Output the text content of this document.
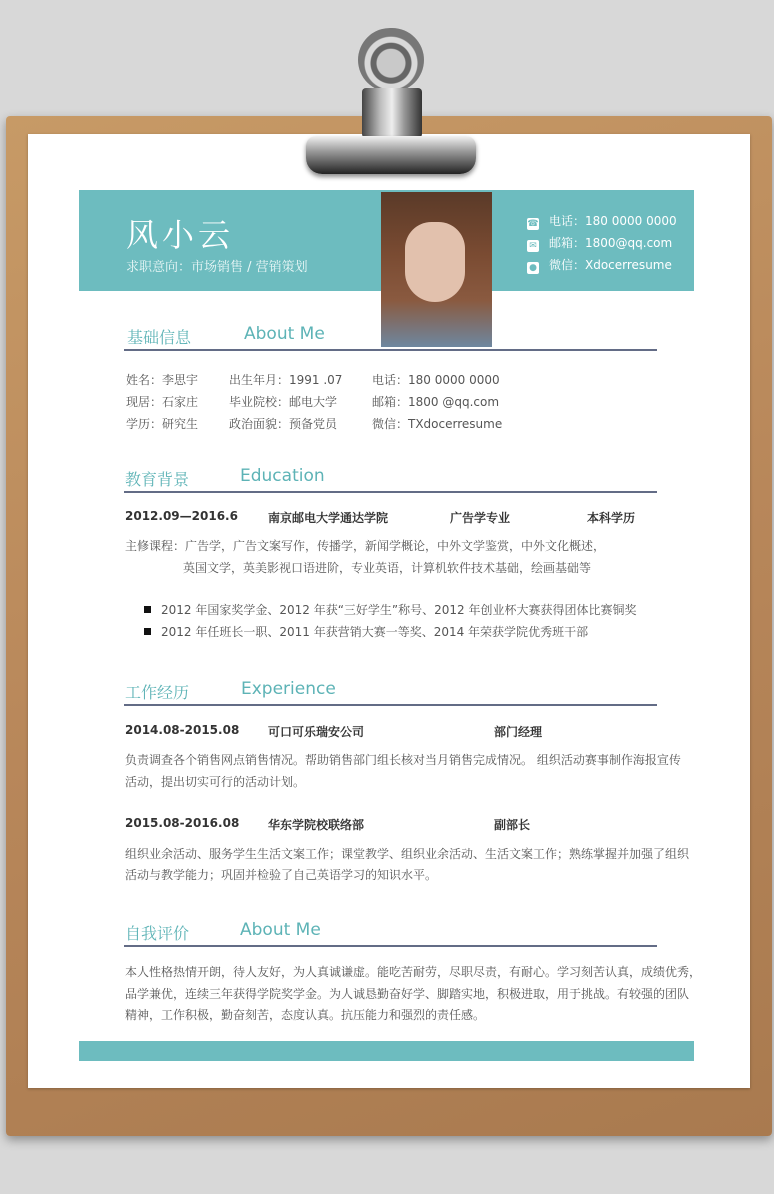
风小云
求职意向：市场销售 / 营销策划
☎ 电话：180 0000 0000
✉ 邮箱：1800@qq.com
● 微信：Xdocerresume
基础信息	About Me
姓名：李思宇	出生年月：1991 .07 电话：180 0000 0000
现居：石家庄	毕业院校：邮电大学	邮箱：1800 @qq.com
学历：研究生	政治面貌：预备党员	微信：TXdocerresume
教育背景	Education
2012.09—2016.6	南京邮电大学通达学院	广告学专业	本科学历
主修课程：广告学，广告文案写作，传播学，新闻学概论，中外文学鉴赏，中外文化概述，
英国文学，英美影视口语进阶，专业英语，计算机软件技术基础，绘画基础等
2012 年国家奖学金、2012 年获“三好学生”称号、2012 年创业杯大赛获得团体比赛铜奖
2012 年任班长一职、2011 年获营销大赛一等奖、2014 年荣获学院优秀班干部
工作经历	Experience
2014.08-2015.08 可口可乐瑞安公司	部门经理
负责调查各个销售网点销售情况。帮助销售部门组长核对当月销售完成情况。 组织活动赛事制作海报宣传
活动，提出切实可行的活动计划。
2015.08-2016.08 华东学院校联络部	副部长
组织业余活动、服务学生生活文案工作；课堂教学、组织业余活动、生活文案工作；熟练掌握并加强了组织
活动与教学能力；巩固并检验了自己英语学习的知识水平。
自我评价	About Me
本人性格热情开朗，待人友好，为人真诚谦虚。能吃苦耐劳，尽职尽责，有耐心。学习刻苦认真，成绩优秀，
品学兼优，连续三年获得学院奖学金。为人诚恳勤奋好学、脚踏实地，积极进取，用于挑战。有较强的团队
精神，工作积极，勤奋刻苦，态度认真。抗压能力和强烈的责任感。
